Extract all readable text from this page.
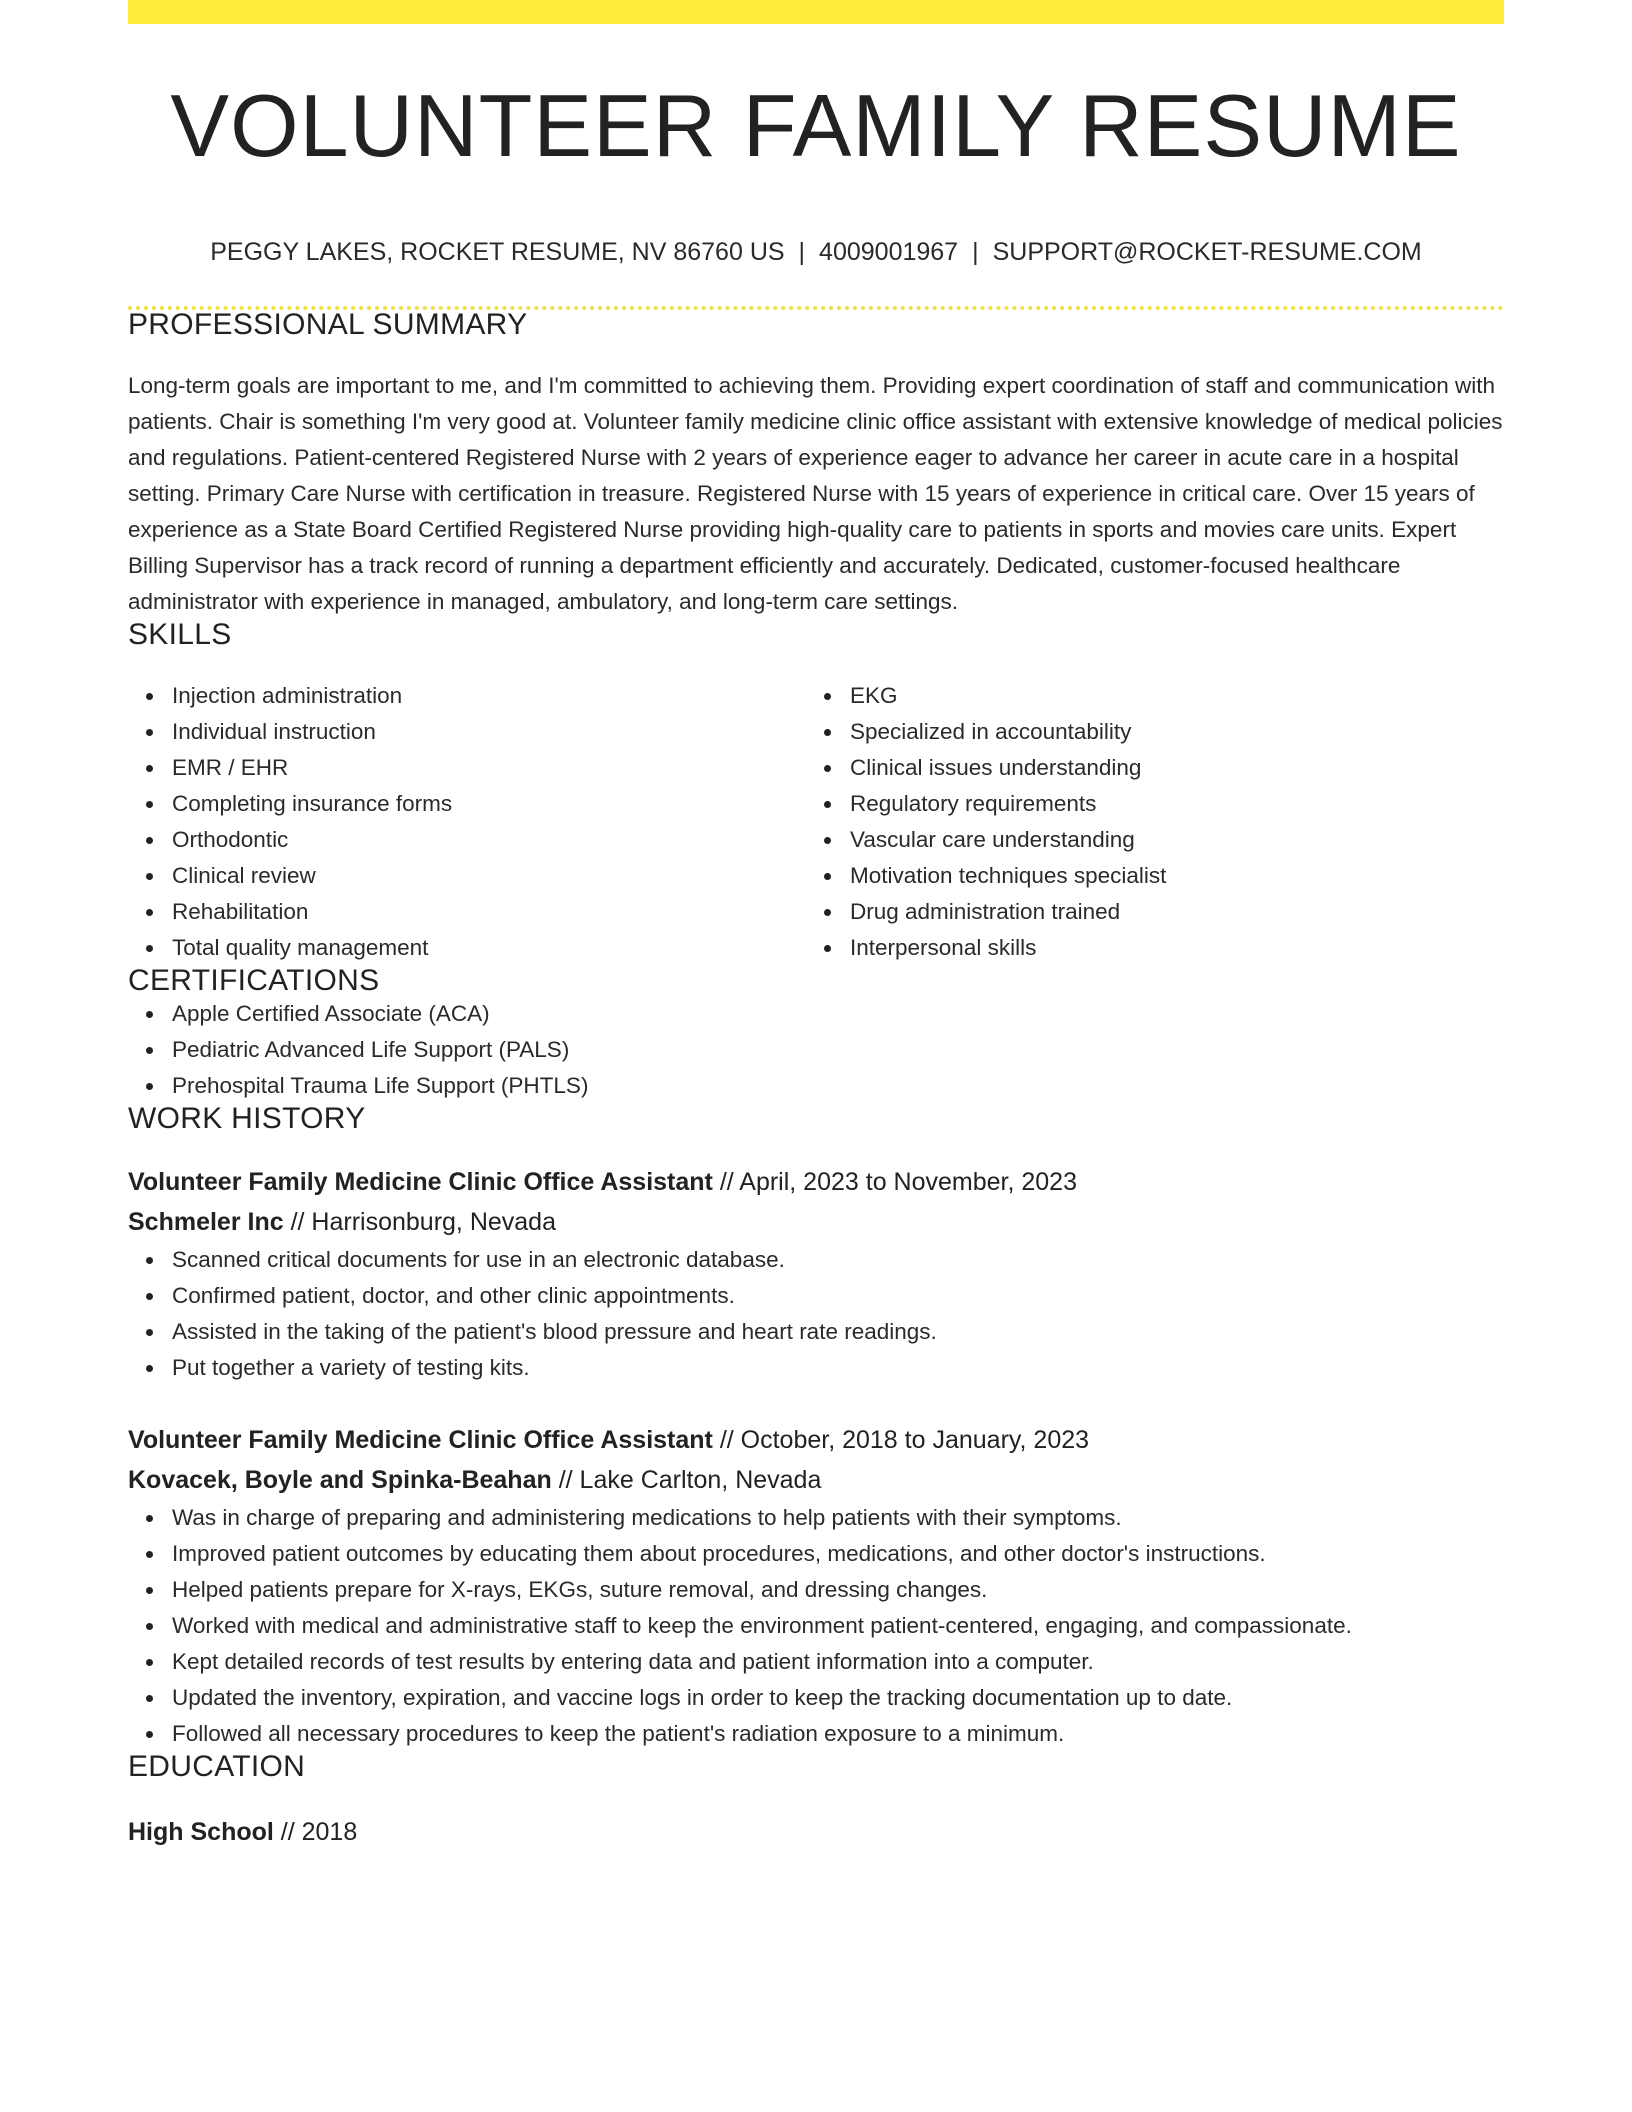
VOLUNTEER FAMILY RESUME
PEGGY LAKES, ROCKET RESUME, NV 86760 US | 4009001967 | SUPPORT@ROCKET-RESUME.COM
PROFESSIONAL SUMMARY

Long-term goals are important to me, and I'm committed to achieving them. Providing expert coordination of staff and communication with patients. Chair is something I'm very good at. Volunteer family medicine clinic office assistant with extensive knowledge of medical policies and regulations. Patient-centered Registered Nurse with 2 years of experience eager to advance her career in acute care in a hospital setting. Primary Care Nurse with certification in treasure. Registered Nurse with 15 years of experience in critical care. Over 15 years of experience as a State Board Certified Registered Nurse providing high-quality care to patients in sports and movies care units. Expert Billing Supervisor has a track record of running a department efficiently and accurately. Dedicated, customer-focused healthcare administrator with experience in managed, ambulatory, and long-term care settings.

SKILLS
Injection administration
Individual instruction
EMR / EHR
Completing insurance forms
Orthodontic
Clinical review
Rehabilitation
Total quality management
EKG
Specialized in accountability
Clinical issues understanding
Regulatory requirements
Vascular care understanding
Motivation techniques specialist
Drug administration trained
Interpersonal skills
CERTIFICATIONS
Apple Certified Associate (ACA)
Pediatric Advanced Life Support (PALS)
Prehospital Trauma Life Support (PHTLS)
WORK HISTORY
Volunteer Family Medicine Clinic Office Assistant // April, 2023 to November, 2023
Schmeler Inc // Harrisonburg, Nevada
Scanned critical documents for use in an electronic database.
Confirmed patient, doctor, and other clinic appointments.
Assisted in the taking of the patient's blood pressure and heart rate readings.
Put together a variety of testing kits.
Volunteer Family Medicine Clinic Office Assistant // October, 2018 to January, 2023
Kovacek, Boyle and Spinka-Beahan // Lake Carlton, Nevada
Was in charge of preparing and administering medications to help patients with their symptoms.
Improved patient outcomes by educating them about procedures, medications, and other doctor's instructions.
Helped patients prepare for X-rays, EKGs, suture removal, and dressing changes.
Worked with medical and administrative staff to keep the environment patient-centered, engaging, and compassionate.
Kept detailed records of test results by entering data and patient information into a computer.
Updated the inventory, expiration, and vaccine logs in order to keep the tracking documentation up to date.
Followed all necessary procedures to keep the patient's radiation exposure to a minimum.
EDUCATION
High School // 2018
